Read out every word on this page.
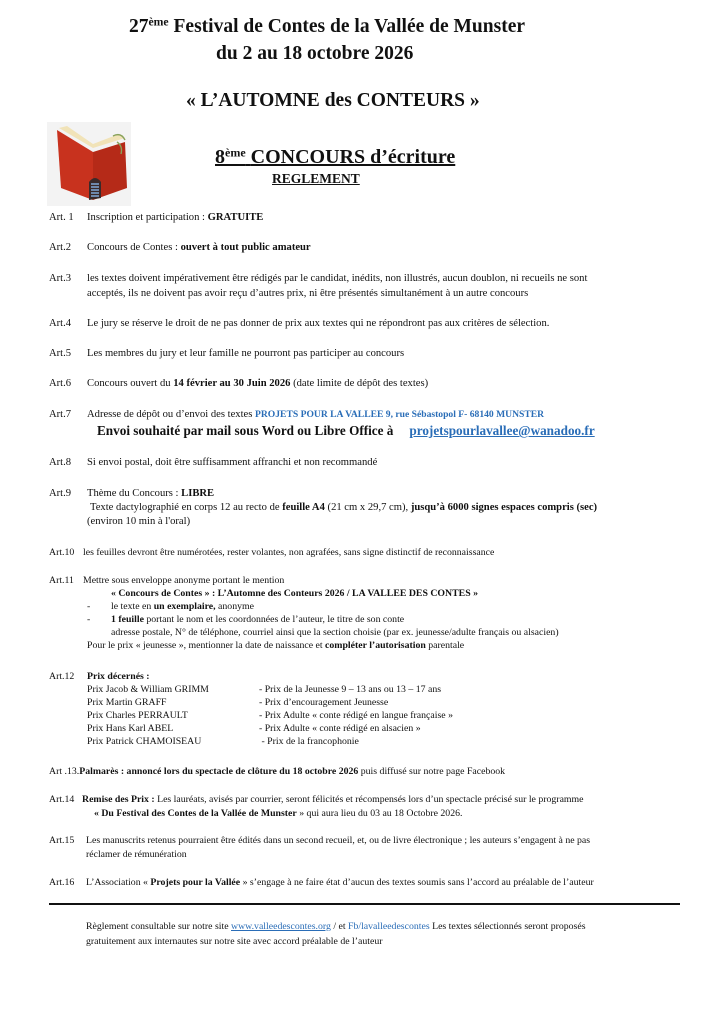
27ème Festival de Contes de la Vallée de Munster
du 2 au 18 octobre 2026
« L’AUTOMNE des CONTEURS »
8ème CONCOURS d’écriture
REGLEMENT
Art. 1 Inscription et participation : GRATUITE
Art.2 Concours de Contes : ouvert à tout public amateur
Art.3 les textes doivent impérativement être rédigés par le candidat, inédits, non illustrés, aucun doublon, ni recueils ne sont
acceptés, ils ne doivent pas avoir reçu d’autres prix, ni être présentés simultanément à un autre concours
Art.4 Le jury se réserve le droit de ne pas donner de prix aux textes qui ne répondront pas aux critères de sélection.
Art.5 Les membres du jury et leur famille ne pourront pas participer au concours
Art.6 Concours ouvert du 14 février au 30 Juin 2026 (date limite de dépôt des textes)
Art.7 Adresse de dépôt ou d’envoi des textes PROJETS POUR LA VALLEE 9, rue Sébastopol F- 68140 MUNSTER
Envoi souhaité par mail sous Word ou Libre Office à projetspourlavallee@wanadoo.fr
Art.8 Si envoi postal, doit être suffisamment affranchi et non recommandé
Art.9 Thème du Concours : LIBRE
Texte dactylographié en corps 12 au recto de feuille A4 (21 cm x 29,7 cm), jusqu’à 6000 signes espaces compris (sec)
(environ 10 min à l'oral)
Art.10 les feuilles devront être numérotées, rester volantes, non agrafées, sans signe distinctif de reconnaissance
Art.11 Mettre sous enveloppe anonyme portant le mention
« Concours de Contes » : L’Automne des Conteurs 2026 / LA VALLEE DES CONTES »
- le texte en un exemplaire, anonyme
- 1 feuille portant le nom et les coordonnées de l’auteur, le titre de son conte
adresse postale, N° de téléphone, courriel ainsi que la section choisie (par ex. jeunesse/adulte français ou alsacien)
Pour le prix « jeunesse », mentionner la date de naissance et compléter l’autorisation parentale
Art.12 Prix décernés :
Prix Jacob & William GRIMM	- Prix de la Jeunesse 9 – 13 ans ou 13 – 17 ans
Prix Martin GRAFF	- Prix d’encouragement Jeunesse
Prix Charles PERRAULT	- Prix Adulte « conte rédigé en langue française »
Prix Hans Karl ABEL	- Prix Adulte « conte rédigé en alsacien »
Prix Patrick CHAMOISEAU	- Prix de la francophonie
Art .13.Palmarès : annoncé lors du spectacle de clôture du 18 octobre 2026 puis diffusé sur notre page Facebook
Art.14 Remise des Prix : Les lauréats, avisés par courrier, seront félicités et récompensés lors d’un spectacle précisé sur le programme
« Du Festival des Contes de la Vallée de Munster » qui aura lieu du 03 au 18 Octobre 2026.
Art.15 Les manuscrits retenus pourraient être édités dans un second recueil, et, ou de livre électronique ; les auteurs s’engagent à ne pas
réclamer de rémunération
Art.16 L’Association « Projets pour la Vallée » s’engage à ne faire état d’aucun des textes soumis sans l’accord au préalable de l’auteur
Règlement consultable sur notre site www.valleedescontes.org / et Fb/lavalleedescontes Les textes sélectionnés seront proposés
gratuitement aux internautes sur notre site avec accord préalable de l’auteur
